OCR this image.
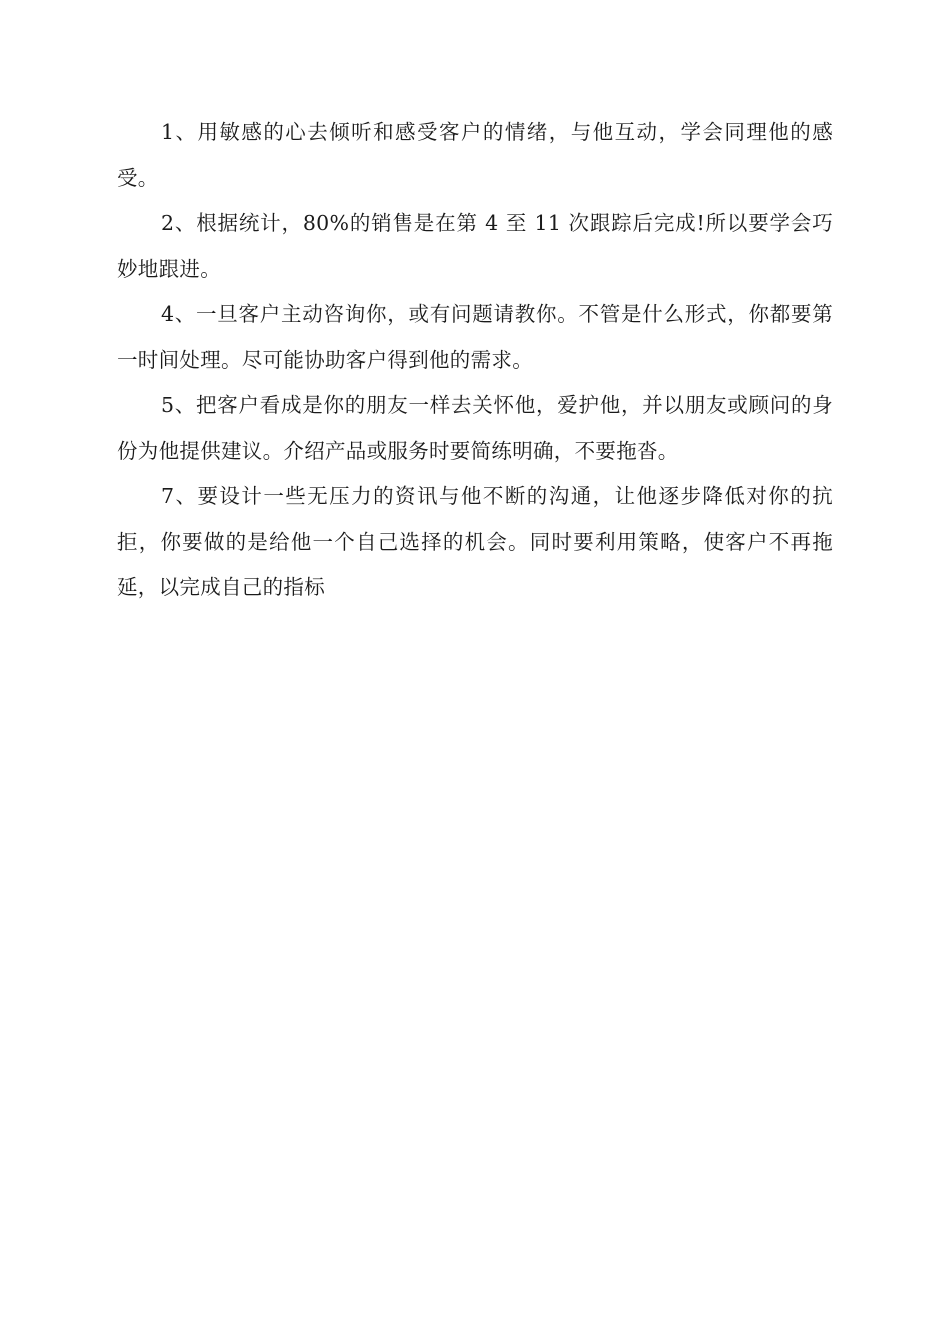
1、用敏感的心去倾听和感受客户的情绪，与他互动，学会同理他的感受。

2、根据统计，80%的销售是在第 4 至 11 次跟踪后完成!所以要学会巧妙地跟进。

4、一旦客户主动咨询你，或有问题请教你。不管是什么形式，你都要第一时间处理。尽可能协助客户得到他的需求。

5、把客户看成是你的朋友一样去关怀他，爱护他，并以朋友或顾问的身份为他提供建议。介绍产品或服务时要简练明确，不要拖沓。

7、要设计一些无压力的资讯与他不断的沟通，让他逐步降低对你的抗拒，你要做的是给他一个自己选择的机会。同时要利用策略，使客户不再拖延，以完成自己的指标
